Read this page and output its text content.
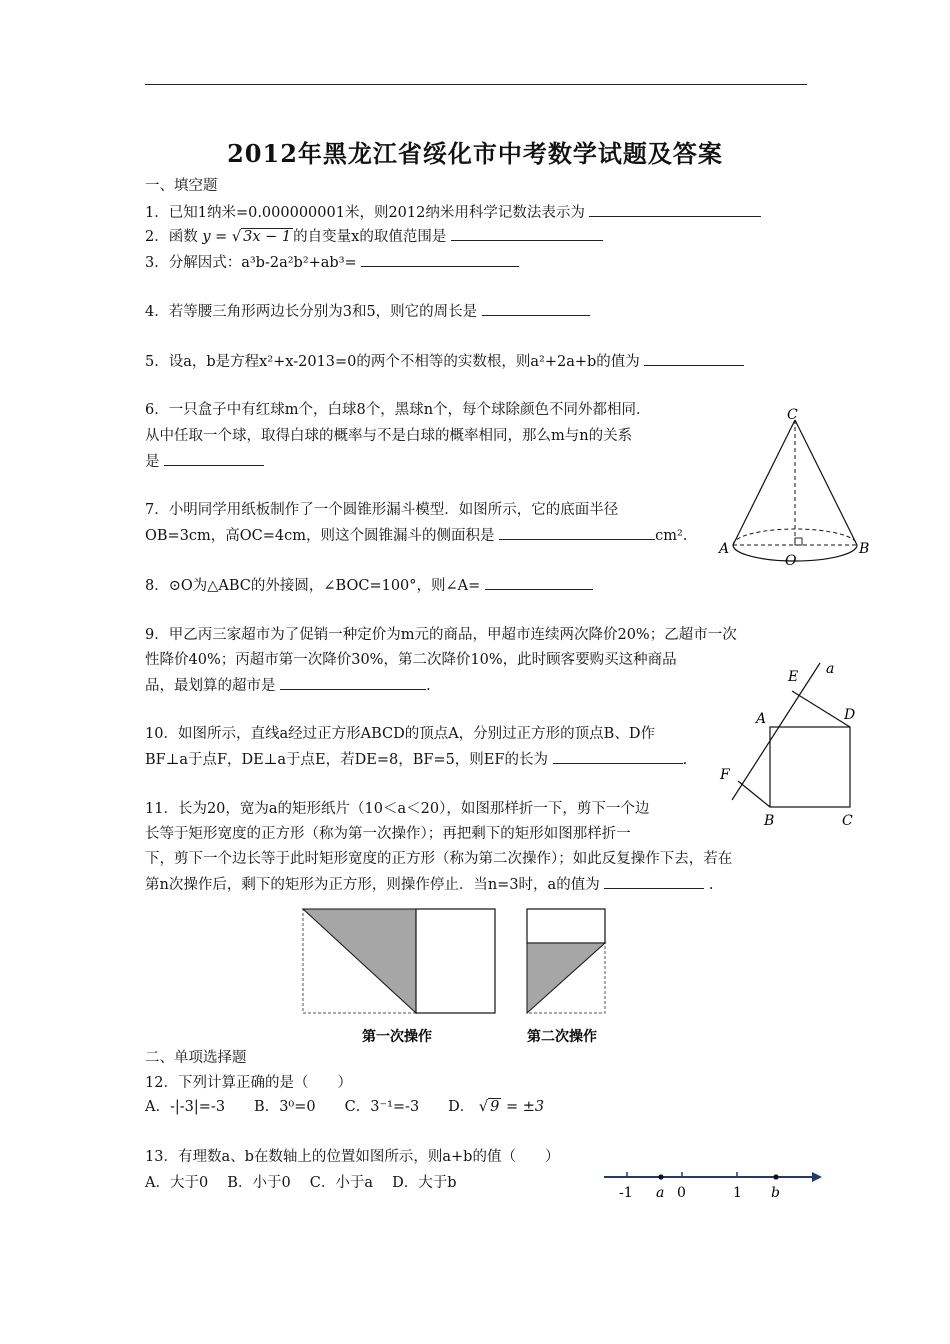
2012年黑龙江省绥化市中考数学试题及答案
一、填空题
1．已知1纳米=0.000000001米，则2012纳米用科学记数法表示为
2．函数 y = √ 3x − 1 的自变量x的取值范围是
3．分解因式：a³b-2a²b²+ab³=
4．若等腰三角形两边长分别为3和5，则它的周长是
5．设a，b是方程x²+x-2013=0的两个不相等的实数根，则a²+2a+b的值为
6．一只盒子中有红球m个，白球8个，黑球n个，每个球除颜色不同外都相同．
从中任取一个球，取得白球的概率与不是白球的概率相同，那么m与n的关系
是
7．小明同学用纸板制作了一个圆锥形漏斗模型．如图所示，它的底面半径
OB=3cm，高OC=4cm，则这个圆锥漏斗的侧面积是	cm².
8．⊙O为△ABC的外接圆，∠BOC=100°，则∠A=
9．甲乙丙三家超市为了促销一种定价为m元的商品，甲超市连续两次降价20%；乙超市一次
性降价40%；丙超市第一次降价30%，第二次降价10%，此时顾客要购买这种商品
品，最划算的超市是	.
10．如图所示，直线a经过正方形ABCD的顶点A，分别过正方形的顶点B、D作
BF⊥a于点F，DE⊥a于点E，若DE=8，BF=5，则EF的长为	.
11．长为20，宽为a的矩形纸片（10＜a＜20），如图那样折一下，剪下一个边
长等于矩形宽度的正方形（称为第一次操作）；再把剩下的矩形如图那样折一
下，剪下一个边长等于此时矩形宽度的正方形（称为第二次操作）；如此反复操作下去，若在
第n次操作后，剩下的矩形为正方形，则操作停止．当n=3时，a的值为	.
二、单项选择题
12．下列计算正确的是（　　）
A．-|-3|=-3　　B．3⁰=0　　C．3⁻¹=-3　　D． √ 9 = ±3
13．有理数a、b在数轴上的位置如图所示，则a+b的值（　　）
A．大于0　 B．小于0　 C．小于a　 D．大于b
C
A	B
O
a
E
A	D
F
B	C
第一次操作	第二次操作
-1 a 0	1 b
